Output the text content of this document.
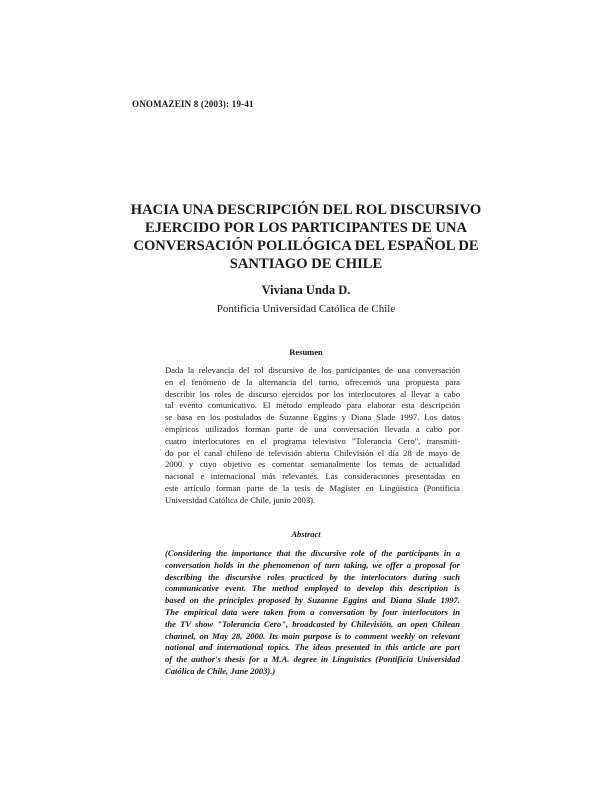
ONOMAZEIN 8 (2003): 19-41
HACIA UNA DESCRIPCIÓN DEL ROL DISCURSIVO
EJERCIDO POR LOS PARTICIPANTES DE UNA
CONVERSACIÓN POLILÓGICA DEL ESPAÑOL DE
SANTIAGO DE CHILE
Viviana Unda D.
Pontificia Universidad Católica de Chile
Resumen
Dada la relevancia del rol discursivo de los participantes de una conversación
en el fenómeno de la alternancia del turno, ofrecemos una propuesta para
describir los roles de discurso ejercidos por los interlocutores al llevar a cabo
tal evento comunicativo. El método empleado para elaborar esta descripción
se basa en los postulados de Suzanne Eggins y Diana Slade 1997. Los datos
empíricos utilizados forman parte de una conversación llevada a cabo por
cuatro interlocutores en el programa televisivo "Tolerancia Cero", transmiti-
do por el canal chileno de televisión abierta Chilevisión el día 28 de mayo de
2000 y cuyo objetivo es comentar semanalmente los temas de actualidad
nacional e internacional más relevantes. Las consideraciones presentadas en
este artículo forman parte de la tesis de Magíster en Lingüística (Pontificia
Universidad Católica de Chile, junio 2003).
Abstract
(Considering the importance that the discursive role of the participants in a
conversation holds in the phenomenon of turn taking, we offer a proposal for
describing the discursive roles practiced by the interlocutors during such
communicative event. The method employed to develop this description is
based on the principles proposed by Suzanne Eggins and Diana Slade 1997.
The empirical data were taken from a conversation by four interlocutors in
the TV show "Tolerancia Cero", broadcasted by Chilevisión, an open Chilean
channel, on May 28, 2000. Its main purpose is to comment weekly on relevant
national and international topics. The ideas presented in this article are part
of the author's thesis for a M.A. degree in Linguistics (Pontificia Universidad
Católica de Chile, June 2003).)
